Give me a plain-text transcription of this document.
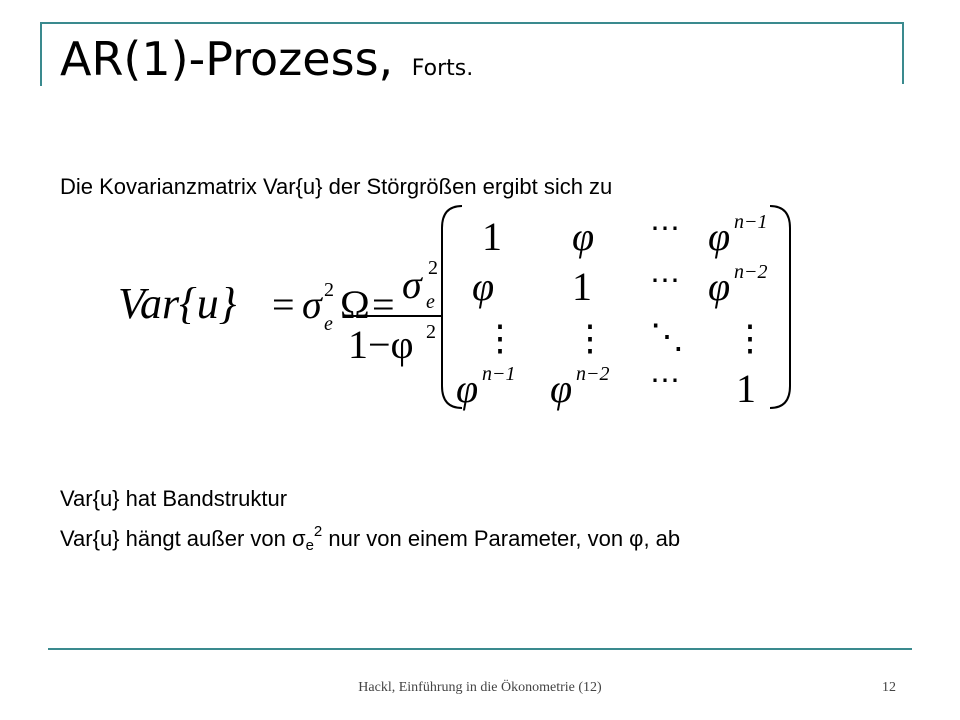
AR(1)-Prozess, Forts.
Die Kovarianzmatrix Var{u} der Störgrößen ergibt sich zu
Var{u} = σ e
2 Ω = σ e
2
1−φ 2
1 φ ⋯ φ n−1
φ 1 ⋯ φ n−2
⋮ ⋮ ⋱ ⋮
φ n−1 φ n−2 ⋯ 1
Var{u} hat Bandstruktur
Var{u} hängt außer von $\sigma_e^2$ nur von einem Parameter, von φ, ab
Hackl, Einführung in die Ökonometrie (12)	12
